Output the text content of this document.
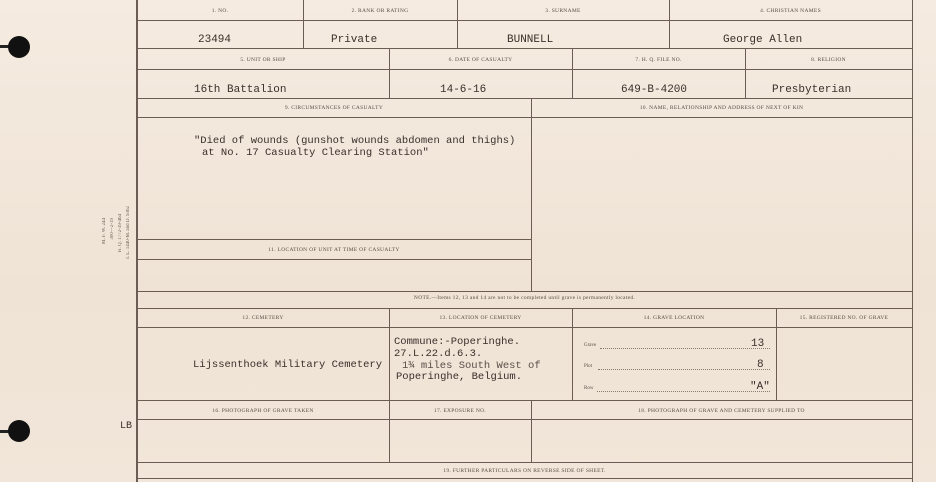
M. F. W. 244 300—2-19 H. Q. 1772-39-464 I. L. 1440-M. and D. 9362
LB
1. NO.	2. RANK OR RATING	3. SURNAME	4. CHRISTIAN NAMES
23494	Private	BUNNELL	George Allen
5. UNIT OR SHIP	6. DATE OF CASUALTY	7. H. Q. FILE NO.	8. RELIGION
16th Battalion	14-6-16	649-B-4200	Presbyterian
9. CIRCUMSTANCES OF CASUALTY	10. NAME, RELATIONSHIP AND ADDRESS OF NEXT OF KIN
"Died of wounds (gunshot wounds abdomen and thighs)
at No. 17 Casualty Clearing Station"
11. LOCATION OF UNIT AT TIME OF CASUALTY
NOTE.—Items 12, 13 and 14 are not to be completed until grave is permanently located.
12. CEMETERY	13. LOCATION OF CEMETERY	14. GRAVE LOCATION	15. REGISTERED NO. OF GRAVE
Lijssenthoek Military Cemetery
Commune:-Poperinghe.
27.L.22.d.6.3.
1¾ miles South West of
Poperinghe, Belgium.
Grave	13
Plot	8
Row	"A"
16. PHOTOGRAPH OF GRAVE TAKEN	17. EXPOSURE NO.	18. PHOTOGRAPH OF GRAVE AND CEMETERY SUPPLIED TO
19. FURTHER PARTICULARS ON REVERSE SIDE OF SHEET.
